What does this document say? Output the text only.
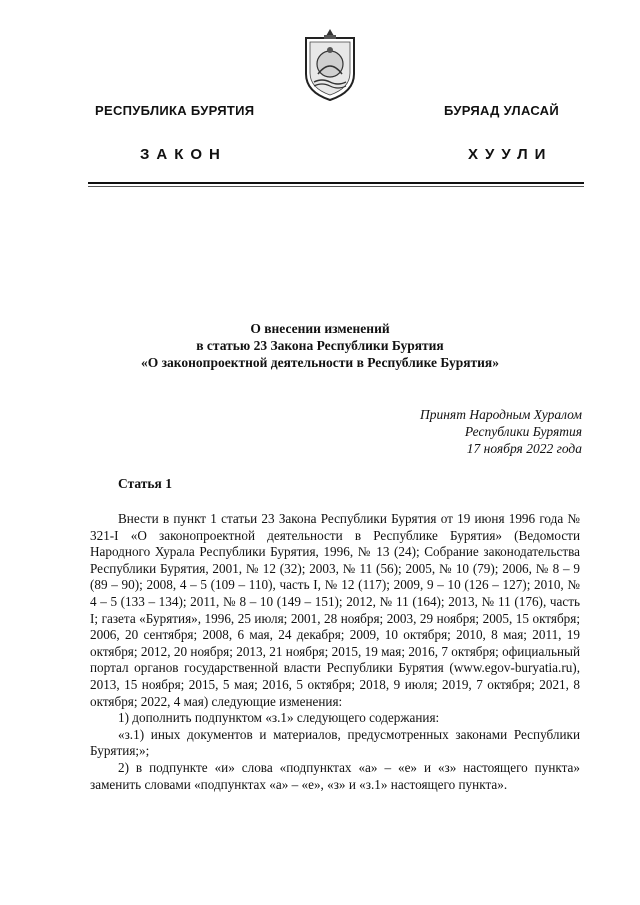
РЕСПУБЛИКА БУРЯТИЯ	БУРЯАД УЛАСАЙ
ЗАКОН	ХУУЛИ
О внесении изменений
в статью 23 Закона Республики Бурятия
«О законопроектной деятельности в Республике Бурятия»
Принят Народным Хуралом
Республики Бурятия
17 ноября 2022 года
Статья 1

Внести в пункт 1 статьи 23 Закона Республики Бурятия от 19 июня 1996 года № 321-I «О законопроектной деятельности в Республике Бурятия» (Ведомости Народного Хурала Республики Бурятия, 1996, № 13 (24); Собрание законодательства Республики Бурятия, 2001, № 12 (32); 2003, № 11 (56); 2005, № 10 (79); 2006, № 8 – 9 (89 – 90); 2008, 4 – 5 (109 – 110), часть I, № 12 (117); 2009, 9 – 10 (126 – 127); 2010, № 4 – 5 (133 – 134); 2011, № 8 – 10 (149 – 151); 2012, № 11 (164); 2013, № 11 (176), часть I; газета «Бурятия», 1996, 25 июля; 2001, 28 ноября; 2003, 29 ноября; 2005, 15 октября; 2006, 20 сентября; 2008, 6 мая, 24 декабря; 2009, 10 октября; 2010, 8 мая; 2011, 19 октября; 2012, 20 ноября; 2013, 21 ноября; 2015, 19 мая; 2016, 7 октября; официальный портал органов государственной власти Республики Бурятия (www.egov-buryatia.ru), 2013, 15 ноября; 2015, 5 мая; 2016, 5 октября; 2018, 9 июля; 2019, 7 октября; 2021, 8 октября; 2022, 4 мая) следующие изменения:

1) дополнить подпунктом «з.1» следующего содержания:

«з.1) иных документов и материалов, предусмотренных законами Республики Бурятия;»;

2) в подпункте «и» слова «подпунктах «а» – «е» и «з» настоящего пункта» заменить словами «подпунктах «а» – «е», «з» и «з.1» настоящего пункта».
